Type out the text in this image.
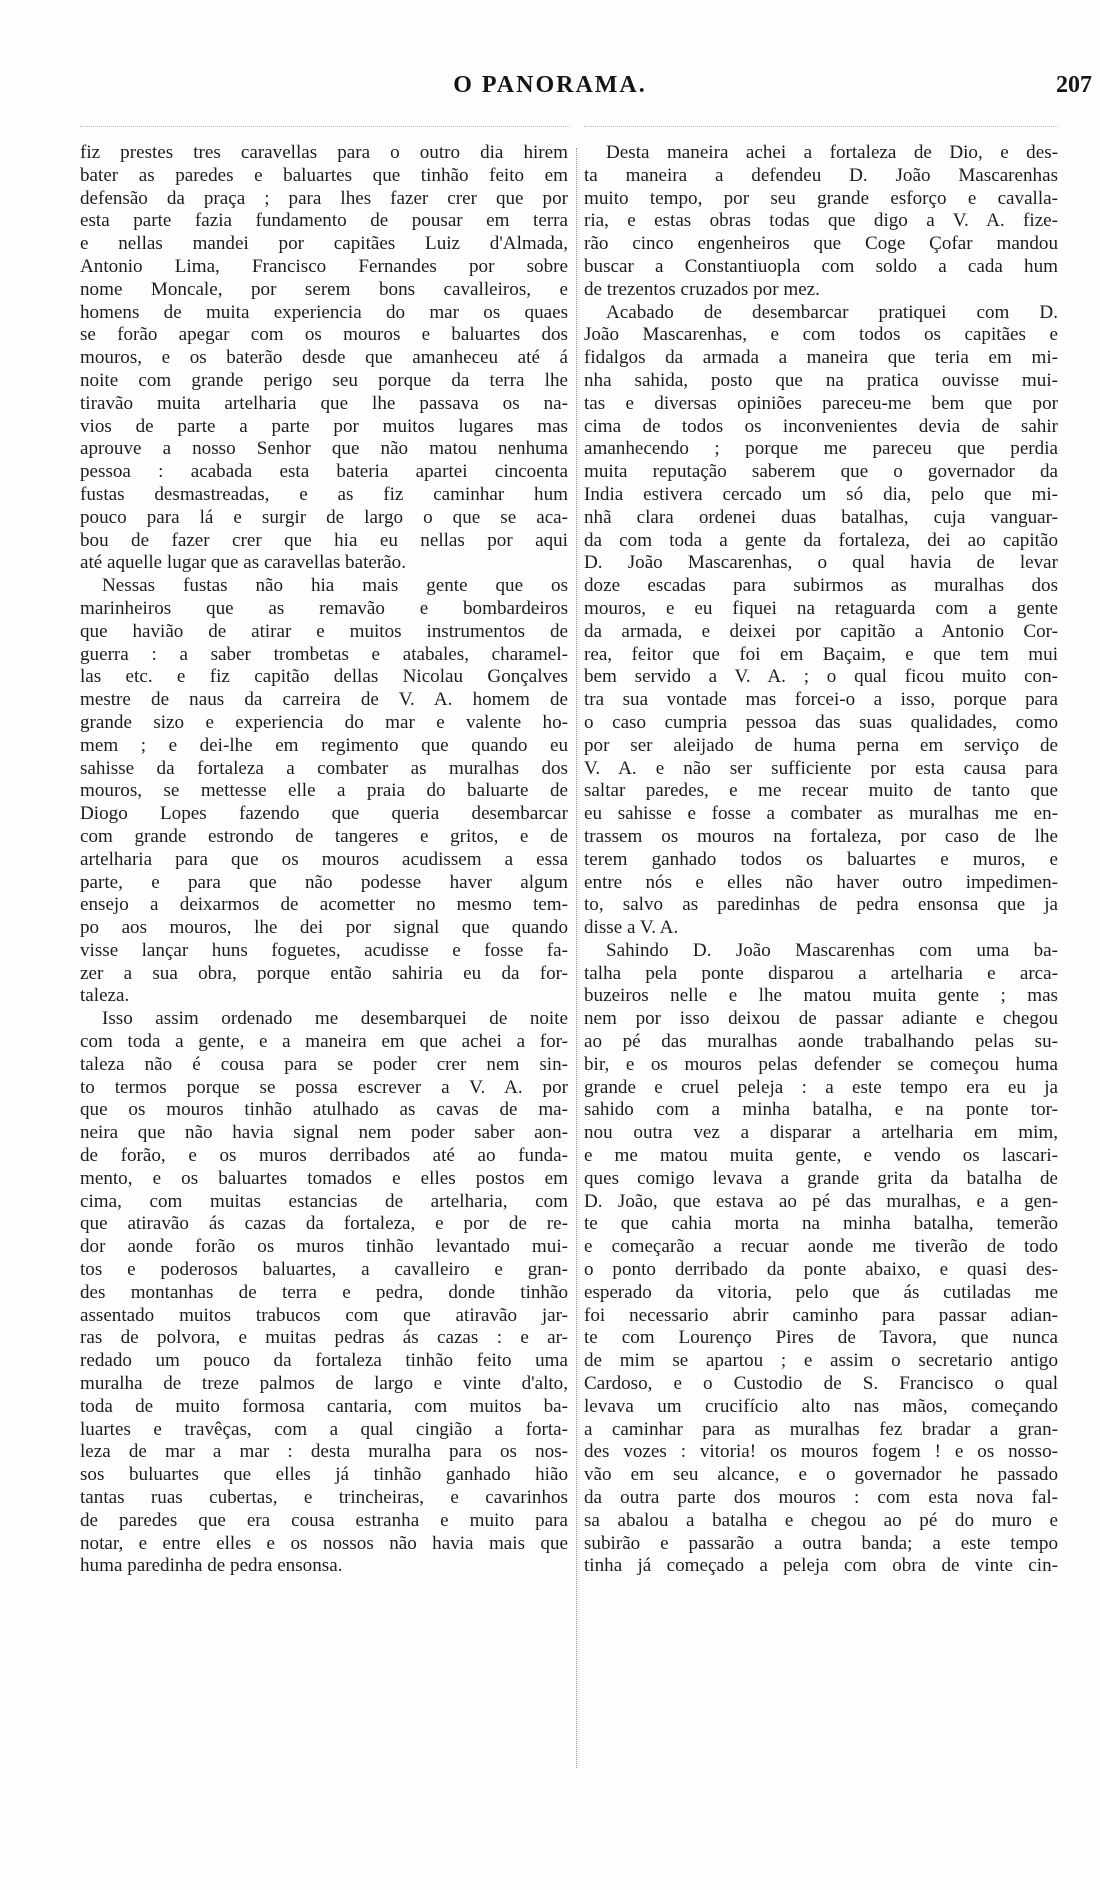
O PANORAMA.	207
fiz prestes tres caravellas para o outro dia hirem
bater as paredes e baluartes que tinhão feito em
defensão da praça ; para lhes fazer crer que por
esta parte fazia fundamento de pousar em terra
e nellas mandei por capitães Luiz d'Almada,
Antonio Lima, Francisco Fernandes por sobre
nome Moncale, por serem bons cavalleiros, e
homens de muita experiencia do mar os quaes
se forão apegar com os mouros e baluartes dos
mouros, e os baterão desde que amanheceu até á
noite com grande perigo seu porque da terra lhe
tiravão muita artelharia que lhe passava os na-
vios de parte a parte por muitos lugares mas
aprouve a nosso Senhor que não matou nenhuma
pessoa : acabada esta bateria apartei cincoenta
fustas desmastreadas, e as fiz caminhar hum
pouco para lá e surgir de largo o que se aca-
bou de fazer crer que hia eu nellas por aqui
até aquelle lugar que as caravellas baterão.
Nessas fustas não hia mais gente que os
marinheiros que as remavão e bombardeiros
que havião de atirar e muitos instrumentos de
guerra : a saber trombetas e atabales, charamel-
las etc. e fiz capitão dellas Nicolau Gonçalves
mestre de naus da carreira de V. A. homem de
grande sizo e experiencia do mar e valente ho-
mem ; e dei-lhe em regimento que quando eu
sahisse da fortaleza a combater as muralhas dos
mouros, se mettesse elle a praia do baluarte de
Diogo Lopes fazendo que queria desembarcar
com grande estrondo de tangeres e gritos, e de
artelharia para que os mouros acudissem a essa
parte, e para que não podesse haver algum
ensejo a deixarmos de acometter no mesmo tem-
po aos mouros, lhe dei por signal que quando
visse lançar huns foguetes, acudisse e fosse fa-
zer a sua obra, porque então sahiria eu da for-
taleza.
Isso assim ordenado me desembarquei de noite
com toda a gente, e a maneira em que achei a for-
taleza não é cousa para se poder crer nem sin-
to termos porque se possa escrever a V. A. por
que os mouros tinhão atulhado as cavas de ma-
neira que não havia signal nem poder saber aon-
de forão, e os muros derribados até ao funda-
mento, e os baluartes tomados e elles postos em
cima, com muitas estancias de artelharia, com
que atiravão ás cazas da fortaleza, e por de re-
dor aonde forão os muros tinhão levantado mui-
tos e poderosos baluartes, a cavalleiro e gran-
des montanhas de terra e pedra, donde tinhão
assentado muitos trabucos com que atiravão jar-
ras de polvora, e muitas pedras ás cazas : e ar-
redado um pouco da fortaleza tinhão feito uma
muralha de treze palmos de largo e vinte d'alto,
toda de muito formosa cantaria, com muitos ba-
luartes e travêças, com a qual cingião a forta-
leza de mar a mar : desta muralha para os nos-
sos buluartes que elles já tinhão ganhado hião
tantas ruas cubertas, e trincheiras, e cavarinhos
de paredes que era cousa estranha e muito para
notar, e entre elles e os nossos não havia mais que
huma paredinha de pedra ensonsa.
Desta maneira achei a fortaleza de Dio, e des-
ta maneira a defendeu D. João Mascarenhas
muito tempo, por seu grande esforço e cavalla-
ria, e estas obras todas que digo a V. A. fize-
rão cinco engenheiros que Coge Çofar mandou
buscar a Constantiuopla com soldo a cada hum
de trezentos cruzados por mez.
Acabado de desembarcar pratiquei com D.
João Mascarenhas, e com todos os capitães e
fidalgos da armada a maneira que teria em mi-
nha sahida, posto que na pratica ouvisse mui-
tas e diversas opiniões pareceu-me bem que por
cima de todos os inconvenientes devia de sahir
amanhecendo ; porque me pareceu que perdia
muita reputação saberem que o governador da
India estivera cercado um só dia, pelo que mi-
nhã clara ordenei duas batalhas, cuja vanguar-
da com toda a gente da fortaleza, dei ao capitão
D. João Mascarenhas, o qual havia de levar
doze escadas para subirmos as muralhas dos
mouros, e eu fiquei na retaguarda com a gente
da armada, e deixei por capitão a Antonio Cor-
rea, feitor que foi em Baçaim, e que tem mui
bem servido a V. A. ; o qual ficou muito con-
tra sua vontade mas forcei-o a isso, porque para
o caso cumpria pessoa das suas qualidades, como
por ser aleijado de huma perna em serviço de
V. A. e não ser sufficiente por esta causa para
saltar paredes, e me recear muito de tanto que
eu sahisse e fosse a combater as muralhas me en-
trassem os mouros na fortaleza, por caso de lhe
terem ganhado todos os baluartes e muros, e
entre nós e elles não haver outro impedimen-
to, salvo as paredinhas de pedra ensonsa que ja
disse a V. A.
Sahindo D. João Mascarenhas com uma ba-
talha pela ponte disparou a artelharia e arca-
buzeiros nelle e lhe matou muita gente ; mas
nem por isso deixou de passar adiante e chegou
ao pé das muralhas aonde trabalhando pelas su-
bir, e os mouros pelas defender se começou huma
grande e cruel peleja : a este tempo era eu ja
sahido com a minha batalha, e na ponte tor-
nou outra vez a disparar a artelharia em mim,
e me matou muita gente, e vendo os lascari-
ques comigo levava a grande grita da batalha de
D. João, que estava ao pé das muralhas, e a gen-
te que cahia morta na minha batalha, temerão
e começarão a recuar aonde me tiverão de todo
o ponto derribado da ponte abaixo, e quasi des-
esperado da vitoria, pelo que ás cutiladas me
foi necessario abrir caminho para passar adian-
te com Lourenço Pires de Tavora, que nunca
de mim se apartou ; e assim o secretario antigo
Cardoso, e o Custodio de S. Francisco o qual
levava um crucifício alto nas mãos, começando
a caminhar para as muralhas fez bradar a gran-
des vozes : vitoria! os mouros fogem ! e os nosso-
vão em seu alcance, e o governador he passado
da outra parte dos mouros : com esta nova fal-
sa abalou a batalha e chegou ao pé do muro e
subirão e passarão a outra banda; a este tempo
tinha já começado a peleja com obra de vinte cin-
